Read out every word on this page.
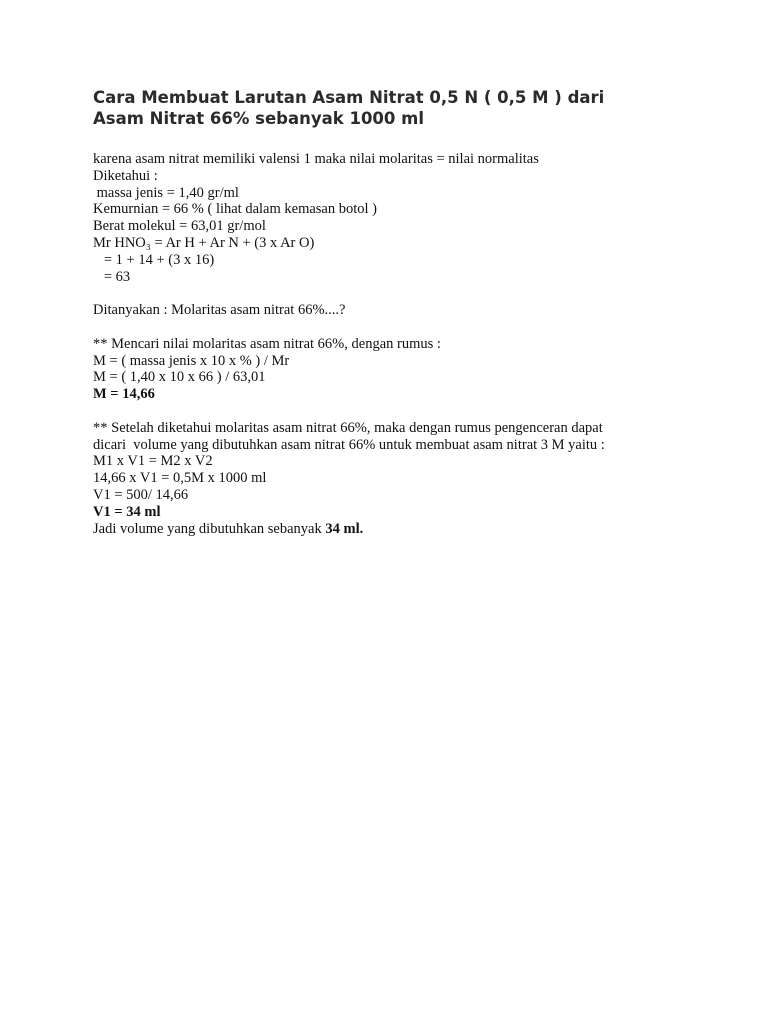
Cara Membuat Larutan Asam Nitrat 0,5 N ( 0,5 M ) dari
Asam Nitrat 66% sebanyak 1000 ml
karena asam nitrat memiliki valensi 1 maka nilai molaritas = nilai normalitas
Diketahui :
massa jenis = 1,40 gr/ml
Kemurnian = 66 % ( lihat dalam kemasan botol )
Berat molekul = 63,01 gr/mol
Mr HNO₃ = Ar H + Ar N + (3 x Ar O)
= 1 + 14 + (3 x 16)
= 63
Ditanyakan : Molaritas asam nitrat 66%....?
** Mencari nilai molaritas asam nitrat 66%, dengan rumus :
M = ( massa jenis x 10 x % ) / Mr
M = ( 1,40 x 10 x 66 ) / 63,01
M = 14,66
** Setelah diketahui molaritas asam nitrat 66%, maka dengan rumus pengenceran dapat
dicari  volume yang dibutuhkan asam nitrat 66% untuk membuat asam nitrat 3 M yaitu :
M1 x V1 = M2 x V2
14,66 x V1 = 0,5M x 1000 ml
V1 = 500/ 14,66
V1 = 34 ml
Jadi volume yang dibutuhkan sebanyak 34 ml.
